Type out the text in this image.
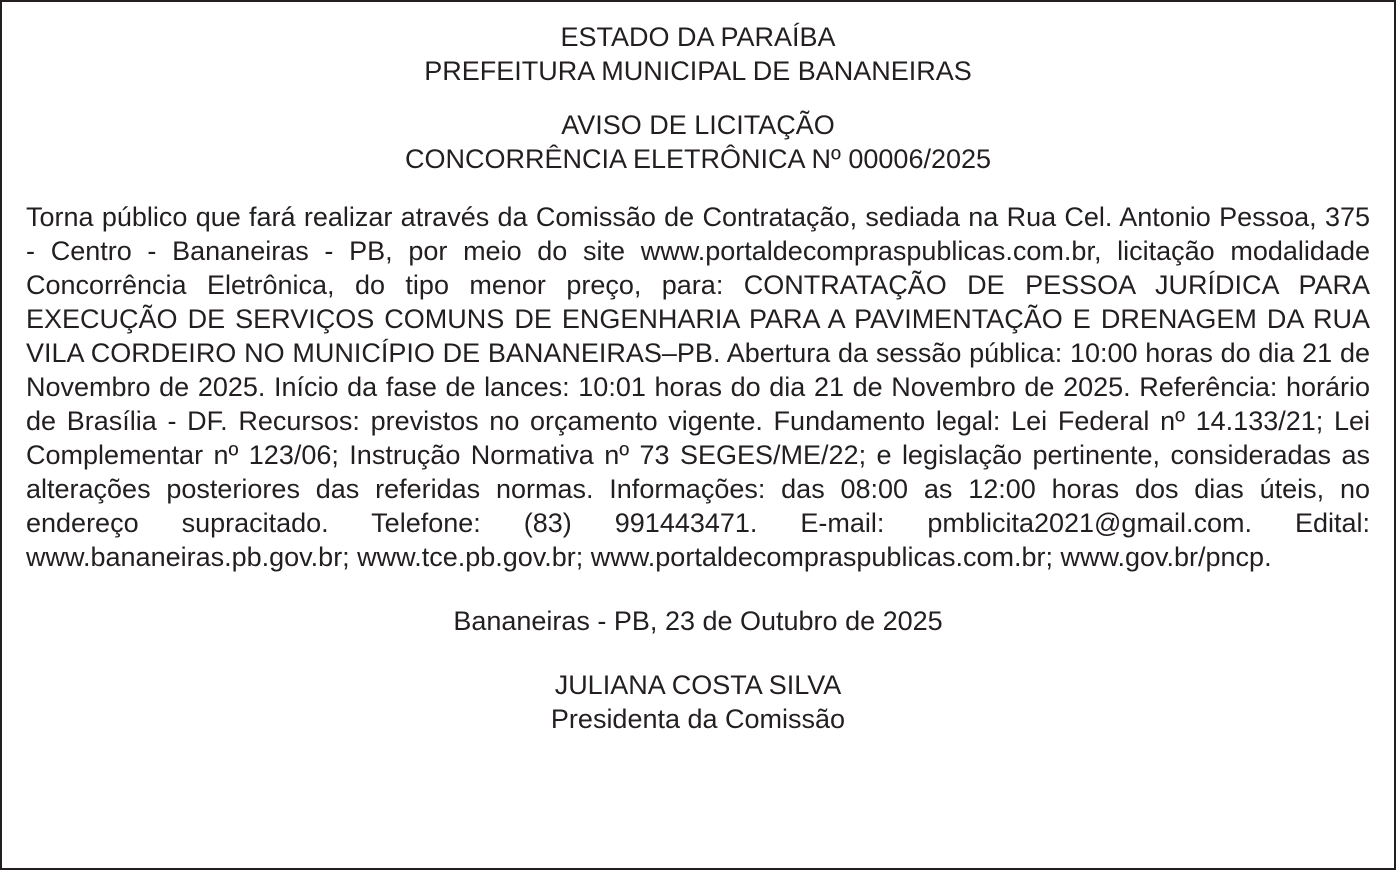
ESTADO DA PARAÍBA

PREFEITURA MUNICIPAL DE BANANEIRAS

AVISO DE LICITAÇÃO

CONCORRÊNCIA ELETRÔNICA Nº 00006/2025

Torna público que fará realizar através da Comissão de Contratação, sediada na Rua Cel. Antonio Pessoa, 375 - Centro - Bananeiras - PB, por meio do site www.portaldecompraspublicas.com.br, licitação modalidade Concorrência Eletrônica, do tipo menor preço, para: CONTRATAÇÃO DE PESSOA JURÍDICA PARA EXECUÇÃO DE SERVIÇOS COMUNS DE ENGENHARIA PARA A PAVIMENTAÇÃO E DRENAGEM DA RUA VILA CORDEIRO NO MUNICÍPIO DE BANANEIRAS–PB. Abertura da sessão pública: 10:00 horas do dia 21 de Novembro de 2025. Início da fase de lances: 10:01 horas do dia 21 de Novembro de 2025. Referência: horário de Brasília - DF. Recursos: previstos no orçamento vigente. Fundamento legal: Lei Federal nº 14.133/21; Lei Complementar nº 123/06; Instrução Normativa nº 73 SEGES/ME/22; e legislação pertinente, consideradas as alterações posteriores das referidas normas. Informações: das 08:00 as 12:00 horas dos dias úteis, no endereço supracitado. Telefone: (83) 991443471. E-mail: pmblicita2021@gmail.com. Edital: www.bananeiras.pb.gov.br; www.tce.pb.gov.br; www.portaldecompraspublicas.com.br; www.gov.br/pncp.

Bananeiras - PB, 23 de Outubro de 2025

JULIANA COSTA SILVA

Presidenta da Comissão
